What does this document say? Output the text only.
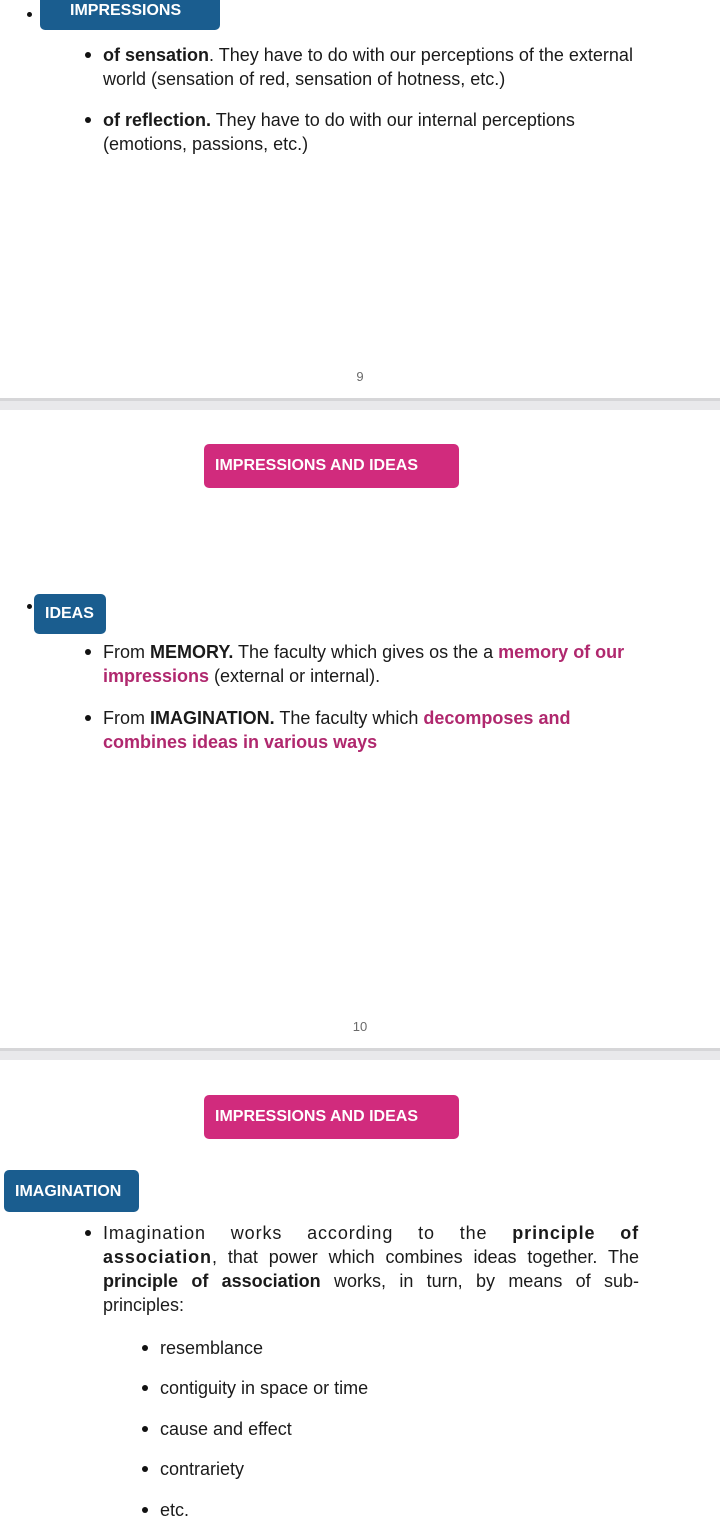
IMPRESSIONS
of sensation. They have to do with our perceptions of the external world (sensation of red, sensation of hotness, etc.)
of reflection. They have to do with our internal perceptions (emotions, passions, etc.)
9
IMPRESSIONS AND IDEAS
IDEAS
From MEMORY. The faculty which gives os the a memory of our impressions (external or internal).
From IMAGINATION. The faculty which decomposes and combines ideas in various ways
10
IMPRESSIONS AND IDEAS
IMAGINATION
Imagination works according to the principle of association, that power which combines ideas together. The principle of association works, in turn, by means of sub-principles:
resemblance
contiguity in space or time
cause and effect
contrariety
etc.
